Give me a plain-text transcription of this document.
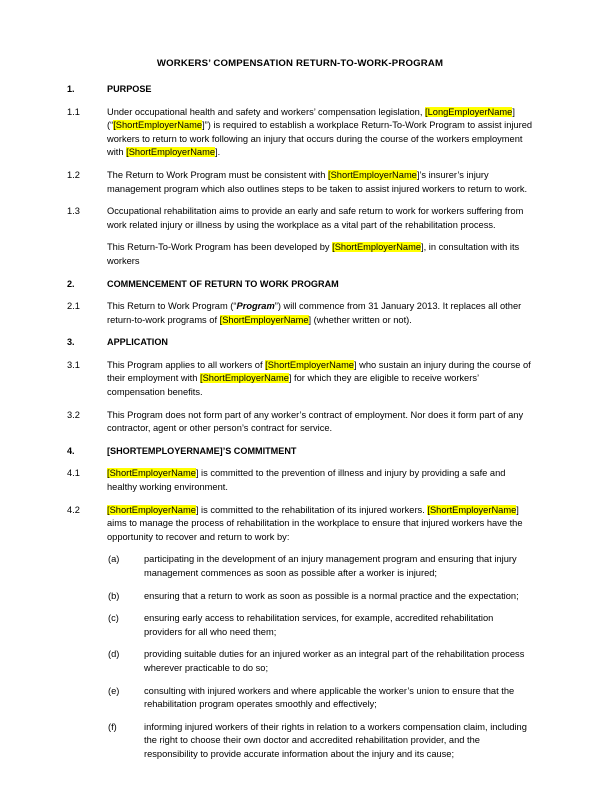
WORKERS’ COMPENSATION RETURN-TO-WORK-PROGRAM
1.	PURPOSE
1.1	Under occupational health and safety and workers’ compensation legislation, [LongEmployerName] (“[ShortEmployerName]”) is required to establish a workplace Return-To-Work Program to assist injured workers to return to work following an injury that occurs during the course of the workers employment with [ShortEmployerName].
1.2	The Return to Work Program must be consistent with [ShortEmployerName]’s insurer’s injury management program which also outlines steps to be taken to assist injured workers to return to work.
1.3	Occupational rehabilitation aims to provide an early and safe return to work for workers suffering from work related injury or illness by using the workplace as a vital part of the rehabilitation process.
This Return-To-Work Program has been developed by [ShortEmployerName], in consultation with its workers
2.	COMMENCEMENT OF RETURN TO WORK PROGRAM
2.1	This Return to Work Program (“Program”) will commence from 31 January 2013. It replaces all other return-to-work programs of [ShortEmployerName] (whether written or not).
3.	APPLICATION
3.1	This Program applies to all workers of [ShortEmployerName] who sustain an injury during the course of their employment with [ShortEmployerName] for which they are eligible to receive workers’ compensation benefits.
3.2	This Program does not form part of any worker’s contract of employment. Nor does it form part of any contractor, agent or other person’s contract for service.
4.	[SHORTEMPLOYERNAME]’S COMMITMENT
4.1	[ShortEmployerName] is committed to the prevention of illness and injury by providing a safe and healthy working environment.
4.2	[ShortEmployerName] is committed to the rehabilitation of its injured workers. [ShortEmployerName] aims to manage the process of rehabilitation in the workplace to ensure that injured workers have the opportunity to recover and return to work by:
(a)	participating in the development of an injury management program and ensuring that injury management commences as soon as possible after a worker is injured;
(b)	ensuring that a return to work as soon as possible is a normal practice and the expectation;
(c)	ensuring early access to rehabilitation services, for example, accredited rehabilitation providers for all who need them;
(d)	providing suitable duties for an injured worker as an integral part of the rehabilitation process wherever practicable to do so;
(e)	consulting with injured workers and where applicable the worker’s union to ensure that the rehabilitation program operates smoothly and effectively;
(f)	informing injured workers of their rights in relation to a workers compensation claim, including the right to choose their own doctor and accredited rehabilitation provider, and the responsibility to provide accurate information about the injury and its cause;
